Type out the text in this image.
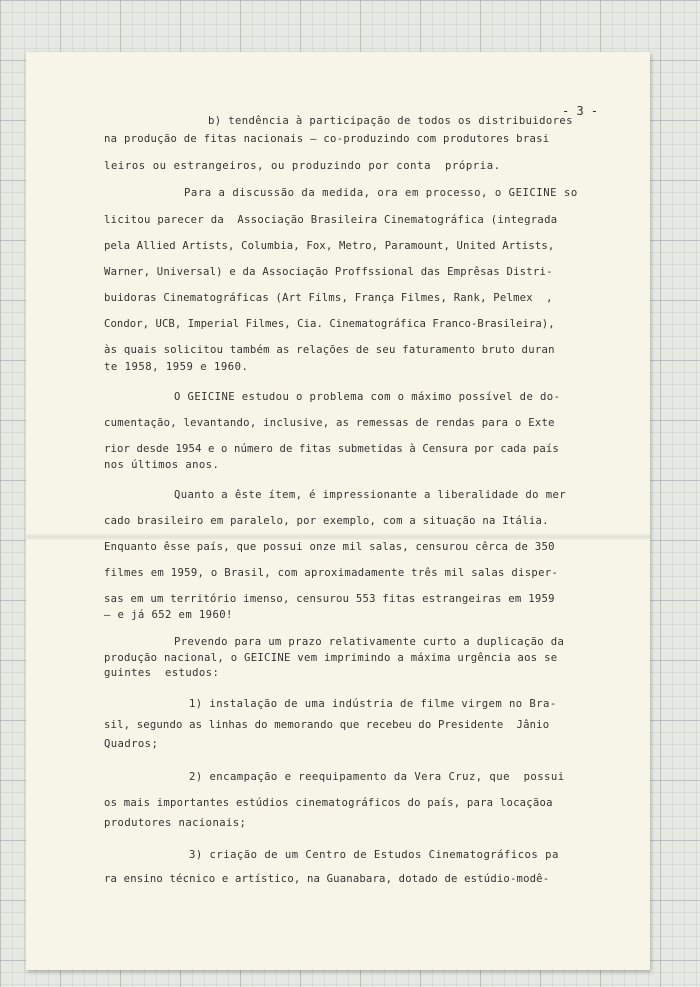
- 3 -
b) tendência à participação de todos os distribuidores
na produção de fitas nacionais — co-produzindo com produtores brasi
leiros ou estrangeiros, ou produzindo por conta  própria.
Para a discussão da medida, ora em processo, o GEICINE so
licitou parecer da  Associação Brasileira Cinematográfica (integrada
pela Allied Artists, Columbia, Fox, Metro, Paramount, United Artists,
Warner, Universal) e da Associação Proffssional das Emprêsas Distri-
buidoras Cinematográficas (Art Films, França Filmes, Rank, Pelmex  ,
Condor, UCB, Imperial Filmes, Cia. Cinematográfica Franco-Brasileira),
às quais solicitou também as relações de seu faturamento bruto duran
te 1958, 1959 e 1960.
O GEICINE estudou o problema com o máximo possível de do-
cumentação, levantando, inclusive, as remessas de rendas para o Exte
rior desde 1954 e o número de fitas submetidas à Censura por cada país
nos últimos anos.
Quanto a êste ítem, é impressionante a liberalidade do mer
cado brasileiro em paralelo, por exemplo, com a situação na Itália.
Enquanto êsse país, que possui onze mil salas, censurou cêrca de 350
filmes em 1959, o Brasil, com aproximadamente três mil salas disper-
sas em um território imenso, censurou 553 fitas estrangeiras em 1959
— e já 652 em 1960!
Prevendo para um prazo relativamente curto a duplicação da
produção nacional, o GEICINE vem imprimindo a máxima urgência aos se
guintes  estudos:
1) instalação de uma indústria de filme virgem no Bra-
sil, segundo as linhas do memorando que recebeu do Presidente  Jânio
Quadros;
2) encampação e reequipamento da Vera Cruz, que  possui
os mais importantes estúdios cinematográficos do país, para locaçãoa
produtores nacionais;
3) criação de um Centro de Estudos Cinematográficos pa
ra ensino técnico e artístico, na Guanabara, dotado de estúdio-modê-
